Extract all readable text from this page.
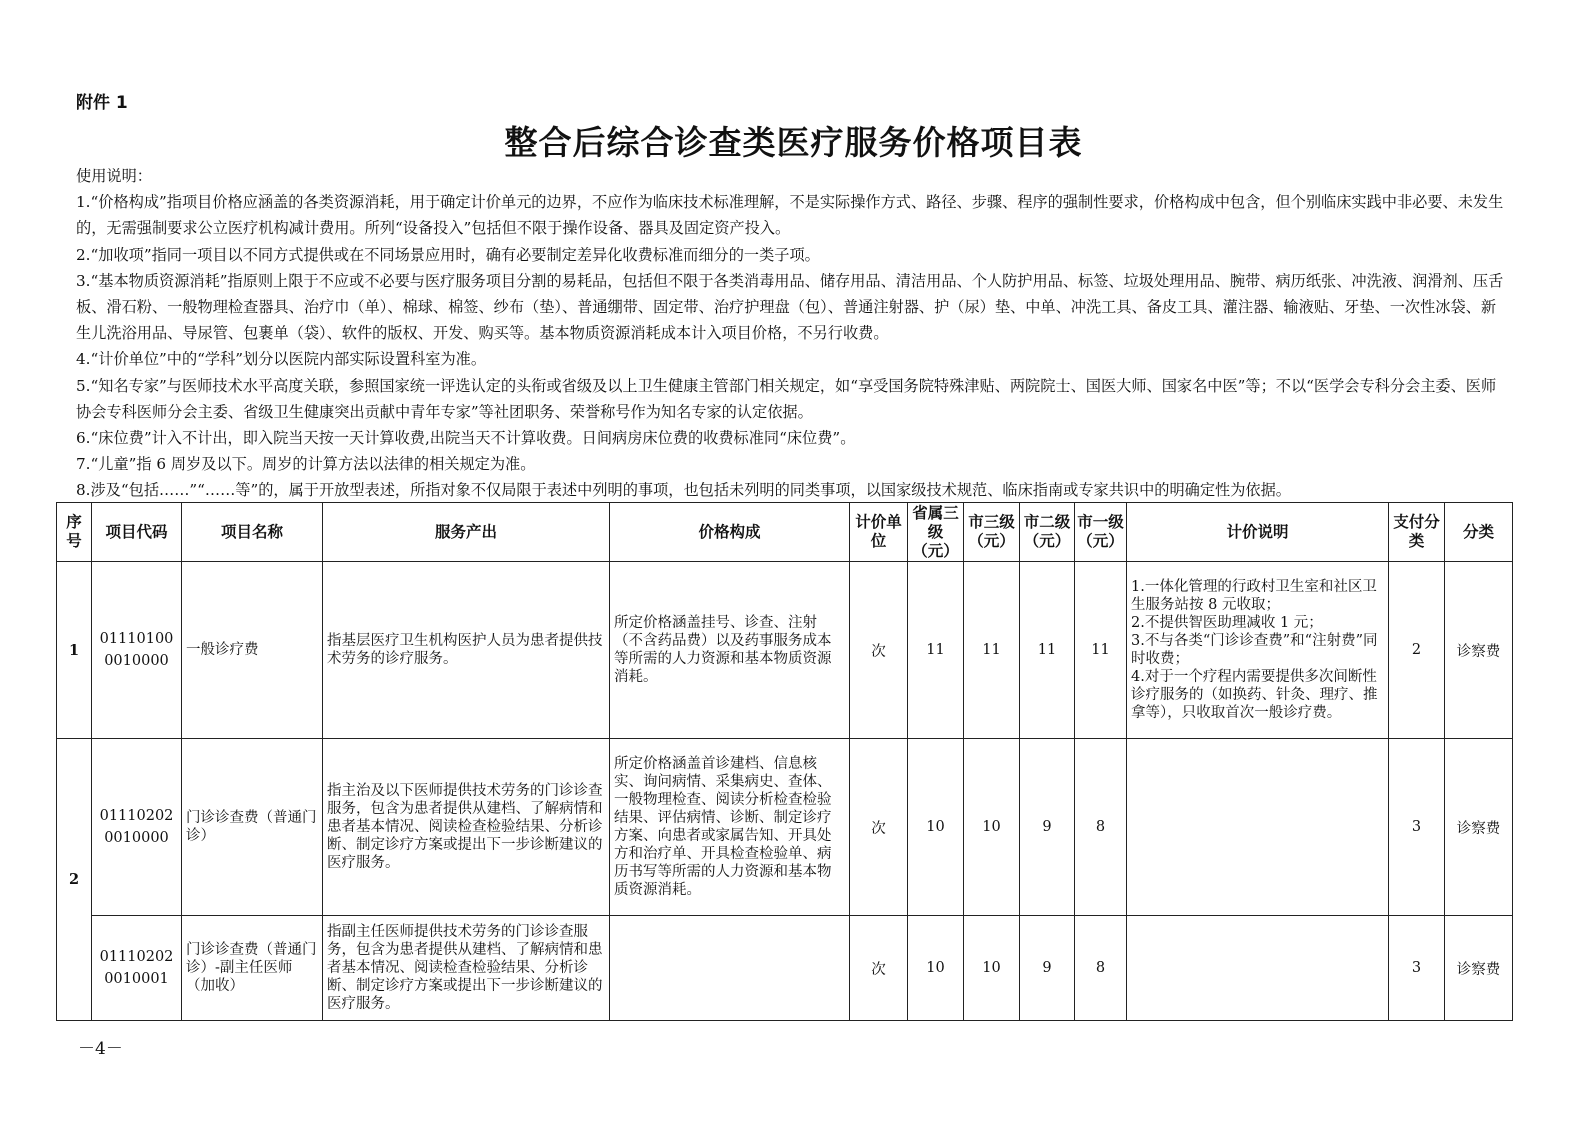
附件 1
整合后综合诊查类医疗服务价格项目表
使用说明：
1.“价格构成”指项目价格应涵盖的各类资源消耗，用于确定计价单元的边界，不应作为临床技术标准理解，不是实际操作方式、路径、步骤、程序的强制性要求，价格构成中包含，但个别临床实践中非必要、未发生的，无需强制要求公立医疗机构减计费用。所列“设备投入”包括但不限于操作设备、器具及固定资产投入。
2.“加收项”指同一项目以不同方式提供或在不同场景应用时，确有必要制定差异化收费标准而细分的一类子项。
3.“基本物质资源消耗”指原则上限于不应或不必要与医疗服务项目分割的易耗品，包括但不限于各类消毒用品、储存用品、清洁用品、个人防护用品、标签、垃圾处理用品、腕带、病历纸张、冲洗液、润滑剂、压舌板、滑石粉、一般物理检查器具、治疗巾（单）、棉球、棉签、纱布（垫）、普通绷带、固定带、治疗护理盘（包）、普通注射器、护（尿）垫、中单、冲洗工具、备皮工具、灌注器、输液贴、牙垫、一次性冰袋、新生儿洗浴用品、导尿管、包裹单（袋）、软件的版权、开发、购买等。基本物质资源消耗成本计入项目价格，不另行收费。
4.“计价单位”中的“学科”划分以医院内部实际设置科室为准。
5.“知名专家”与医师技术水平高度关联，参照国家统一评选认定的头衔或省级及以上卫生健康主管部门相关规定，如“享受国务院特殊津贴、两院院士、国医大师、国家名中医”等；不以“医学会专科分会主委、医师协会专科医师分会主委、省级卫生健康突出贡献中青年专家”等社团职务、荣誉称号作为知名专家的认定依据。
6.“床位费”计入不计出，即入院当天按一天计算收费,出院当天不计算收费。日间病房床位费的收费标准同“床位费”。
7.“儿童”指 6 周岁及以下。周岁的计算方法以法律的相关规定为准。
8.涉及“包括……”“……等”的，属于开放型表述，所指对象不仅局限于表述中列明的事项，也包括未列明的同类事项，以国家级技术规范、临床指南或专家共识中的明确定性为依据。
序号	项目代码	项目名称	服务产出	价格构成	计价单位	省属三级（元）	市三级（元）	市二级（元）	市一级（元）	计价说明	支付分类	分类
1	01110100 0010000	一般诊疗费	指基层医疗卫生机构医护人员为患者提供技术劳务的诊疗服务。	所定价格涵盖挂号、诊查、注射（不含药品费）以及药事服务成本等所需的人力资源和基本物质资源消耗。	次	11	11	11	11	1.一体化管理的行政村卫生室和社区卫生服务站按 8 元收取；
2.不提供智医助理减收 1 元；
3.不与各类“门诊诊查费”和“注射费”同时收费；
4.对于一个疗程内需要提供多次间断性诊疗服务的（如换药、针灸、理疗、推拿等），只收取首次一般诊疗费。	2	诊察费
2	01110202 0010000	门诊诊查费（普通门诊）	指主治及以下医师提供技术劳务的门诊诊查服务，包含为患者提供从建档、了解病情和患者基本情况、阅读检查检验结果、分析诊断、制定诊疗方案或提出下一步诊断建议的医疗服务。	所定价格涵盖首诊建档、信息核实、询问病情、采集病史、查体、一般物理检查、阅读分析检查检验结果、评估病情、诊断、制定诊疗方案、向患者或家属告知、开具处方和治疗单、开具检查检验单、病历书写等所需的人力资源和基本物质资源消耗。	次	10	10	9	8		3	诊察费
	01110202 0010001	门诊诊查费（普通门诊）-副主任医师（加收）	指副主任医师提供技术劳务的门诊诊查服务，包含为患者提供从建档、了解病情和患者基本情况、阅读检查检验结果、分析诊断、制定诊疗方案或提出下一步诊断建议的医疗服务。		次	10	10	9	8		3	诊察费
－4－
